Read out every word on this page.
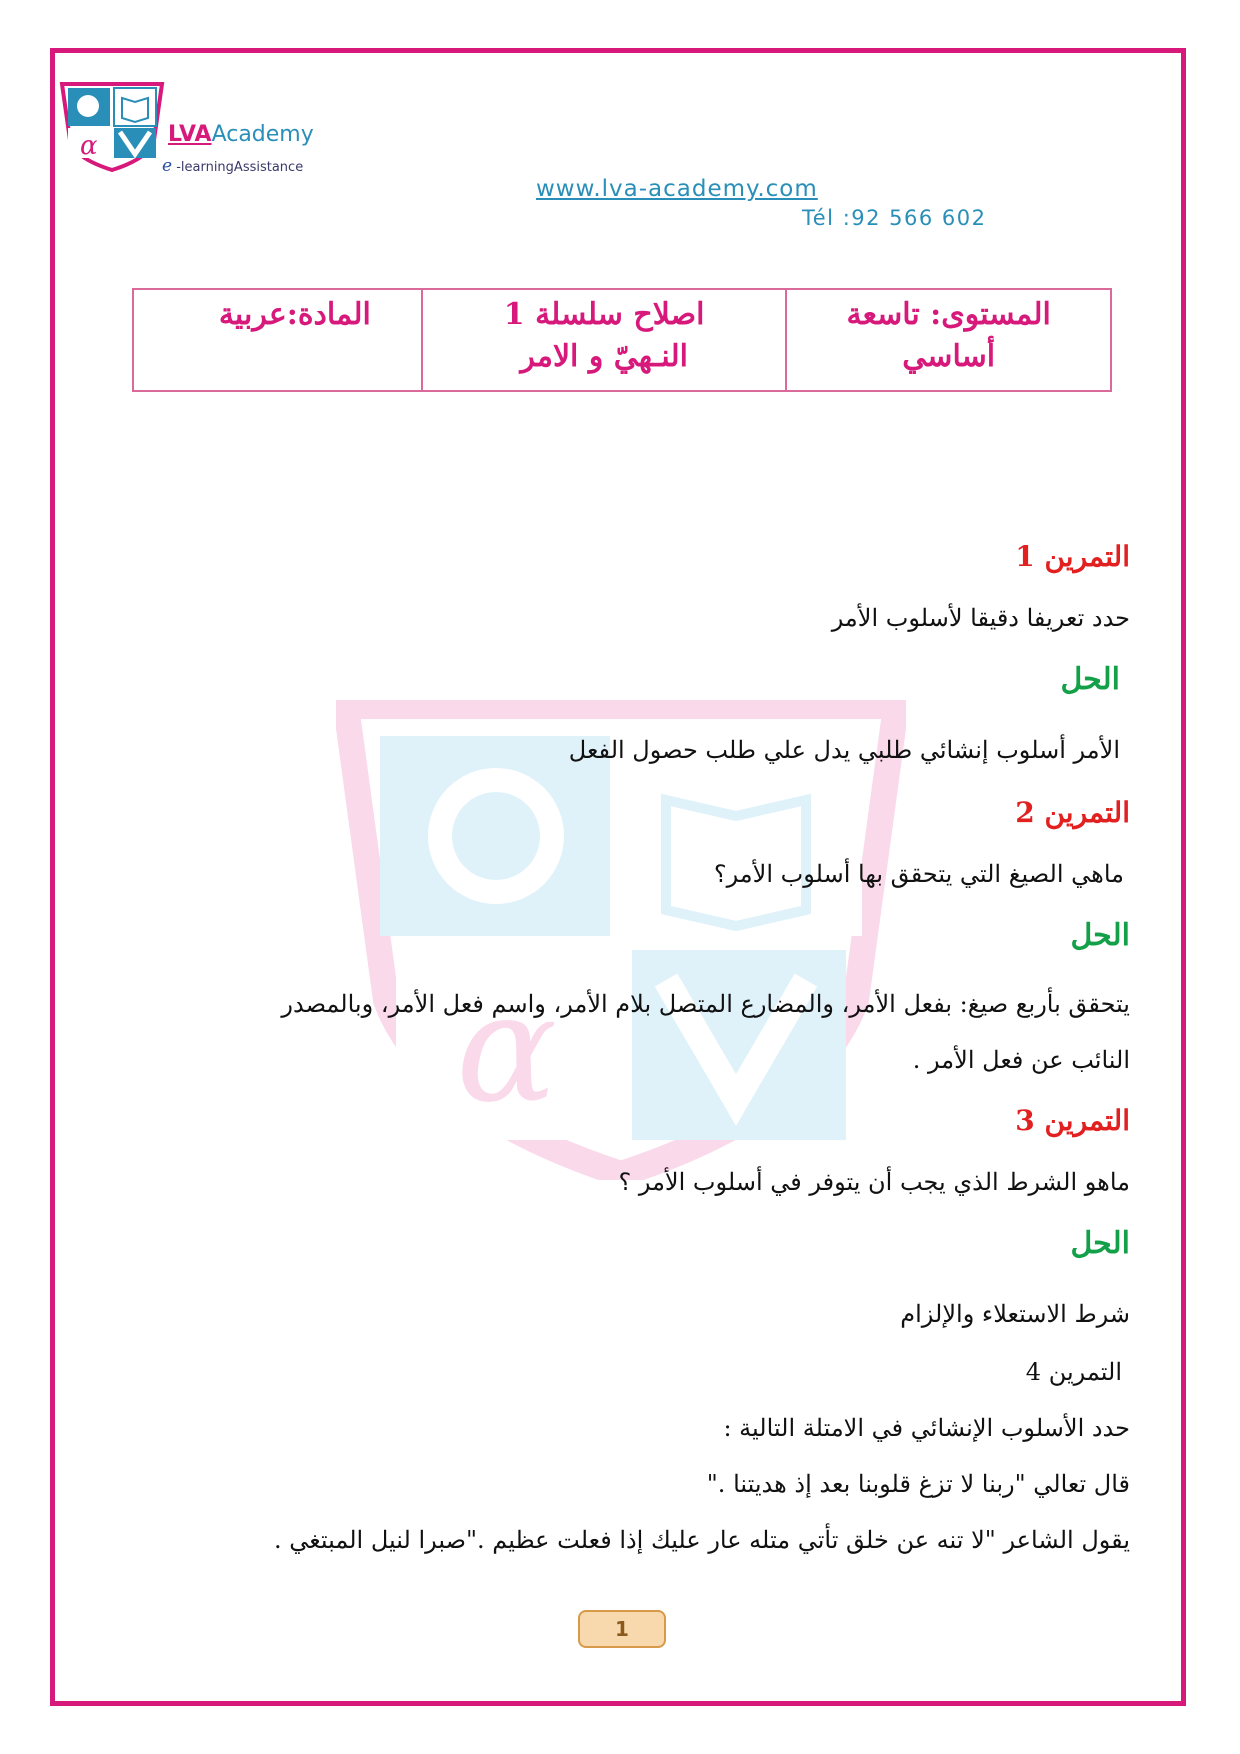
α	LVAAcademy
e -learningAssistance
www.lva-academy.com
Tél :92 566 602
المستوى: تاسعة
أساسي
اصلاح سلسلة 1
النـهيّ و الامر
المادة:عربية
α
التمرين 1
حدد تعريفا دقيقا لأسلوب الأمر
الحل
الأمر أسلوب إنشائي طلبي يدل علي طلب حصول الفعل
التمرين 2
ماهي الصيغ التي يتحقق بها أسلوب الأمر؟
الحل
يتحقق بأربع صيغ: بفعل الأمر، والمضارع المتصل بلام الأمر، واسم فعل الأمر، وبالمصدر
النائب عن فعل الأمر .
التمرين 3
ماهو الشرط الذي يجب أن يتوفر في أسلوب الأمر ؟
الحل
شرط الاستعلاء والإلزام
التمرين 4
حدد الأسلوب الإنشائي في الامتلة التالية :
قال تعالي "ربنا لا تزغ قلوبنا بعد إذ هديتنا ."
يقول الشاعر "لا تنه عن خلق تأتي متله عار عليك إذا فعلت عظيم ."صبرا لنيل المبتغي .
1
